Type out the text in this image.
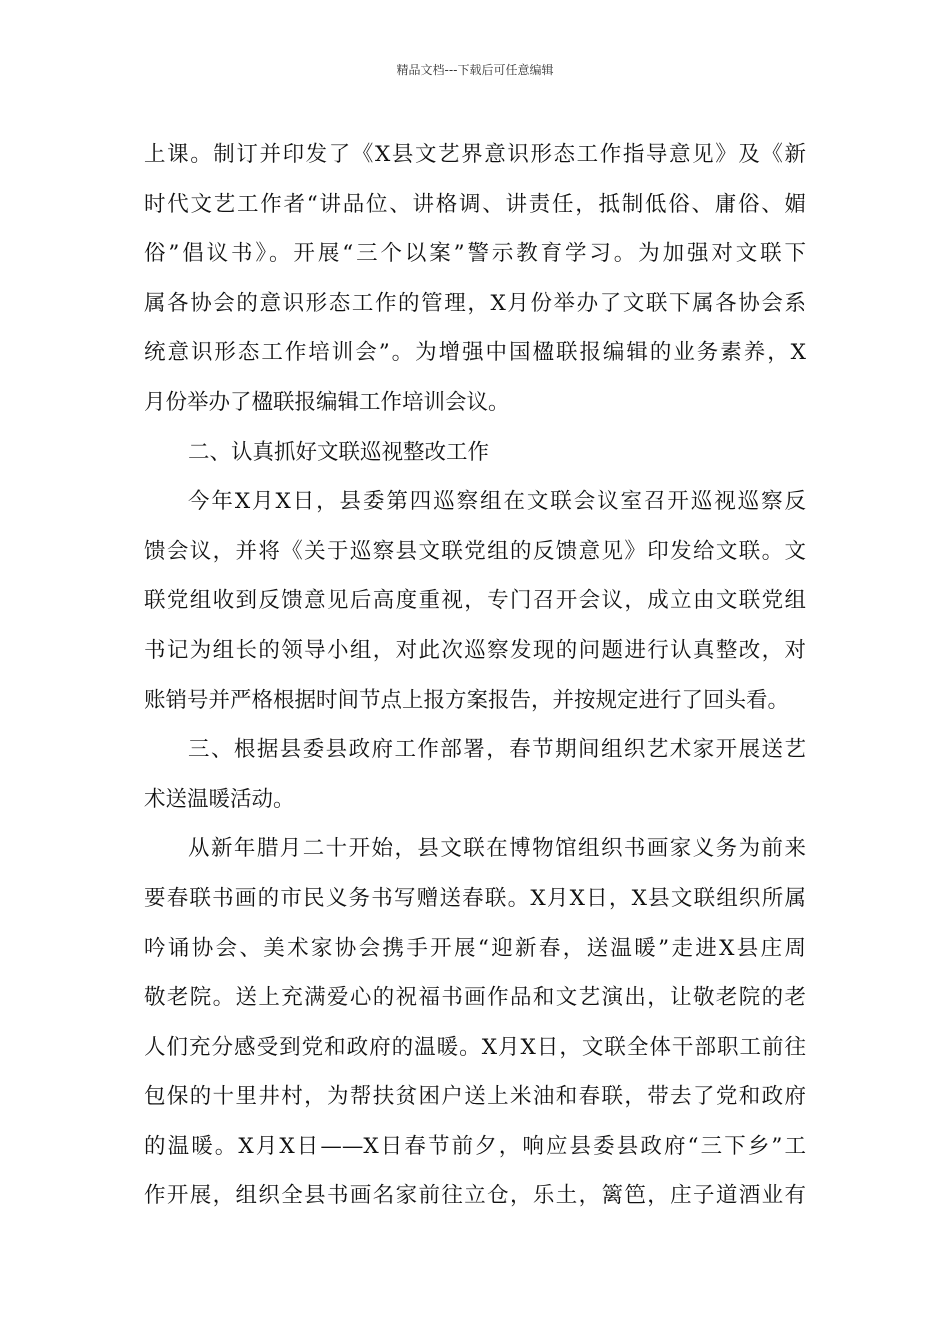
精品文档---下载后可任意编辑
上课。制订并印发了《X县文艺界意识形态工作指导意见》及《新
时代文艺工作者“讲品位、讲格调、讲责任，抵制低俗、庸俗、媚
俗”倡议书》。开展“三个以案”警示教育学习。为加强对文联下
属各协会的意识形态工作的管理，X月份举办了文联下属各协会系
统意识形态工作培训会”。为增强中国楹联报编辑的业务素养，X
月份举办了楹联报编辑工作培训会议。
二、认真抓好文联巡视整改工作
今年X月X日，县委第四巡察组在文联会议室召开巡视巡察反
馈会议，并将《关于巡察县文联党组的反馈意见》印发给文联。文
联党组收到反馈意见后高度重视，专门召开会议，成立由文联党组
书记为组长的领导小组，对此次巡察发现的问题进行认真整改，对
账销号并严格根据时间节点上报方案报告，并按规定进行了回头看。
三、根据县委县政府工作部署，春节期间组织艺术家开展送艺
术送温暖活动。
从新年腊月二十开始，县文联在博物馆组织书画家义务为前来
要春联书画的市民义务书写赠送春联。X月X日，X县文联组织所属
吟诵协会、美术家协会携手开展“迎新春，送温暖”走进X县庄周
敬老院。送上充满爱心的祝福书画作品和文艺演出，让敬老院的老
人们充分感受到党和政府的温暖。X月X日，文联全体干部职工前往
包保的十里井村，为帮扶贫困户送上米油和春联，带去了党和政府
的温暖。X月X日——X日春节前夕，响应县委县政府“三下乡”工
作开展，组织全县书画名家前往立仓，乐土，篱笆，庄子道酒业有
